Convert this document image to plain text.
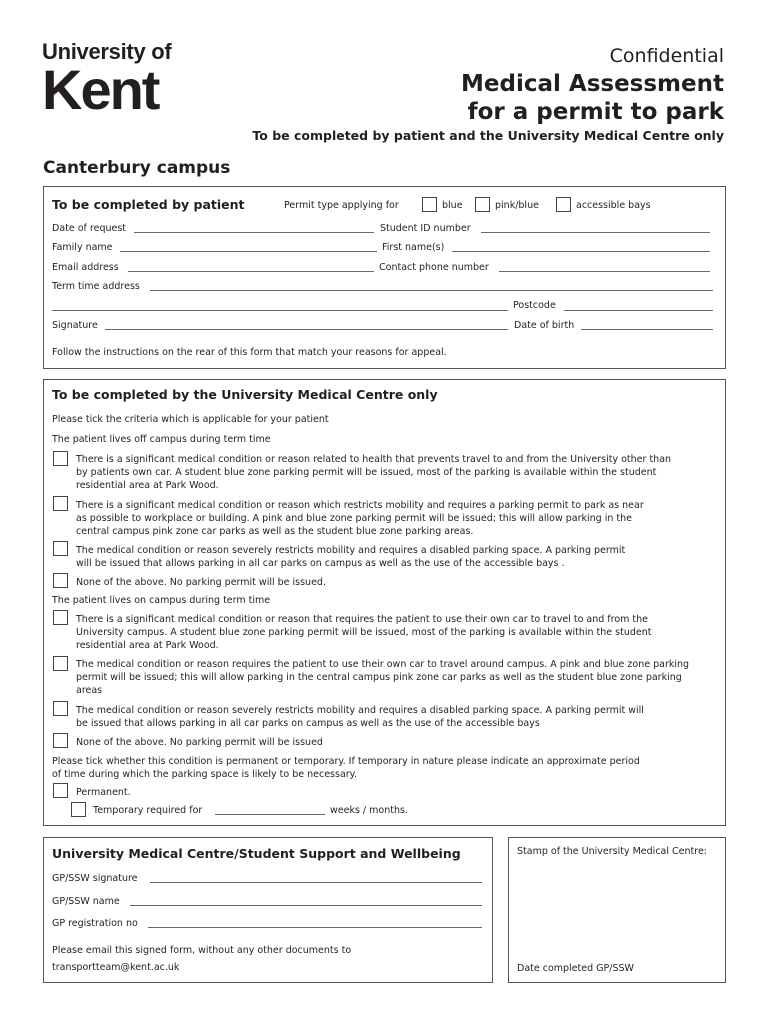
University of
Kent
Confidential
Medical Assessment
for a permit to park
To be completed by patient and the University Medical Centre only
Canterbury campus
To be completed by patient	Permit type applying for	blue	pink/blue	accessible bays
Date of request	Student ID number
Family name	First name(s)
Email address	Contact phone number
Term time address
Postcode
Signature	Date of birth
Follow the instructions on the rear of this form that match your reasons for appeal.
To be completed by the University Medical Centre only
Please tick the criteria which is applicable for your patient
The patient lives off campus during term time
There is a significant medical condition or reason related to health that prevents travel to and from the University other than
by patients own car. A student blue zone parking permit will be issued, most of the parking is available within the student
residential area at Park Wood.
There is a significant medical condition or reason which restricts mobility and requires a parking permit to park as near
as possible to workplace or building. A pink and blue zone parking permit will be issued; this will allow parking in the
central campus pink zone car parks as well as the student blue zone parking areas.
The medical condition or reason severely restricts mobility and requires a disabled parking space. A parking permit
will be issued that allows parking in all car parks on campus as well as the use of the accessible bays .
None of the above. No parking permit will be issued.
The patient lives on campus during term time
There is a significant medical condition or reason that requires the patient to use their own car to travel to and from the
University campus. A student blue zone parking permit will be issued, most of the parking is available within the student
residential area at Park Wood.
The medical condition or reason requires the patient to use their own car to travel around campus. A pink and blue zone parking
permit will be issued; this will allow parking in the central campus pink zone car parks as well as the student blue zone parking
areas
The medical condition or reason severely restricts mobility and requires a disabled parking space. A parking permit will
be issued that allows parking in all car parks on campus as well as the use of the accessible bays
None of the above. No parking permit will be issued
Please tick whether this condition is permanent or temporary. If temporary in nature please indicate an approximate period
of time during which the parking space is likely to be necessary.
Permanent.
Temporary required for	weeks / months.
University Medical Centre/Student Support and Wellbeing
GP/SSW signature
GP/SSW name
GP registration no
Please email this signed form, without any other documents to
transportteam@kent.ac.uk
Stamp of the University Medical Centre:
Date completed GP/SSW
